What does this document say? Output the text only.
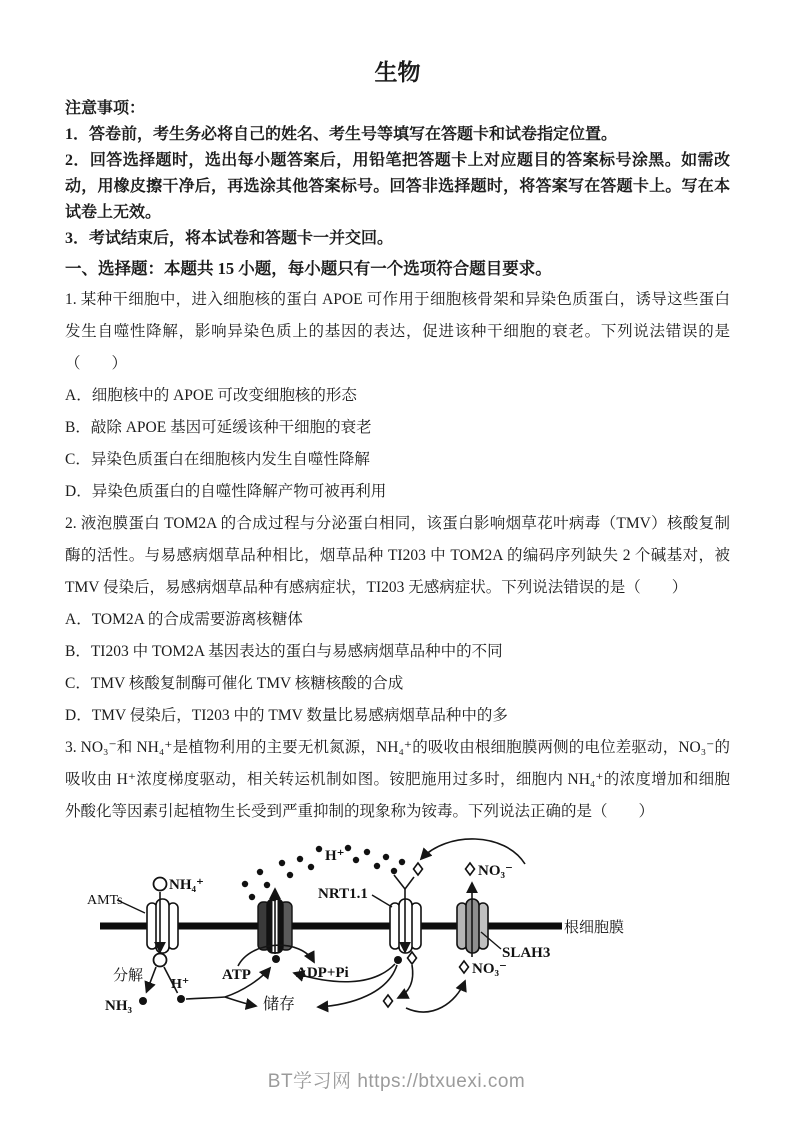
生物

注意事项：

1．答卷前，考生务必将自己的姓名、考生号等填写在答题卡和试卷指定位置。

2．回答选择题时，选出每小题答案后，用铅笔把答题卡上对应题目的答案标号涂黑。如需改动，用橡皮擦干净后，再选涂其他答案标号。回答非选择题时，将答案写在答题卡上。写在本试卷上无效。

3．考试结束后，将本试卷和答题卡一并交回。

一、选择题：本题共 15 小题，每小题只有一个选项符合题目要求。

1. 某种干细胞中，进入细胞核的蛋白 APOE 可作用于细胞核骨架和异染色质蛋白，诱导这些蛋白发生自噬性降解，影响异染色质上的基因的表达，促进该种干细胞的衰老。下列说法错误的是（　　）

A．细胞核中的 APOE 可改变细胞核的形态

B．敲除 APOE 基因可延缓该种干细胞的衰老

C．异染色质蛋白在细胞核内发生自噬性降解

D．异染色质蛋白的自噬性降解产物可被再利用

2. 液泡膜蛋白 TOM2A 的合成过程与分泌蛋白相同，该蛋白影响烟草花叶病毒（TMV）核酸复制酶的活性。与易感病烟草品种相比，烟草品种 TI203 中 TOM2A 的编码序列缺失 2 个碱基对，被 TMV 侵染后，易感病烟草品种有感病症状，TI203 无感病症状。下列说法错误的是（　　）

A．TOM2A 的合成需要游离核糖体

B．TI203 中 TOM2A 基因表达的蛋白与易感病烟草品种中的不同

C．TMV 核酸复制酶可催化 TMV 核糖核酸的合成

D．TMV 侵染后，TI203 中的 TMV 数量比易感病烟草品种中的多

3. NO₃⁻和 NH₄⁺是植物利用的主要无机氮源，NH₄⁺的吸收由根细胞膜两侧的电位差驱动，NO₃⁻的吸收由 H⁺浓度梯度驱动，相关转运机制如图。铵肥施用过多时，细胞内 NH₄⁺的浓度增加和细胞外酸化等因素引起植物生长受到严重抑制的现象称为铵毒。下列说法正确的是（　　）

根细胞膜
AMTs
NH₄⁺
分解
NH₃
H⁺
ATP	ADP+Pi
H⁺
NRT1.1
储存
SLAH3
NO₃⁻
NO₃⁻
BT学习网 https://btxuexi.com
